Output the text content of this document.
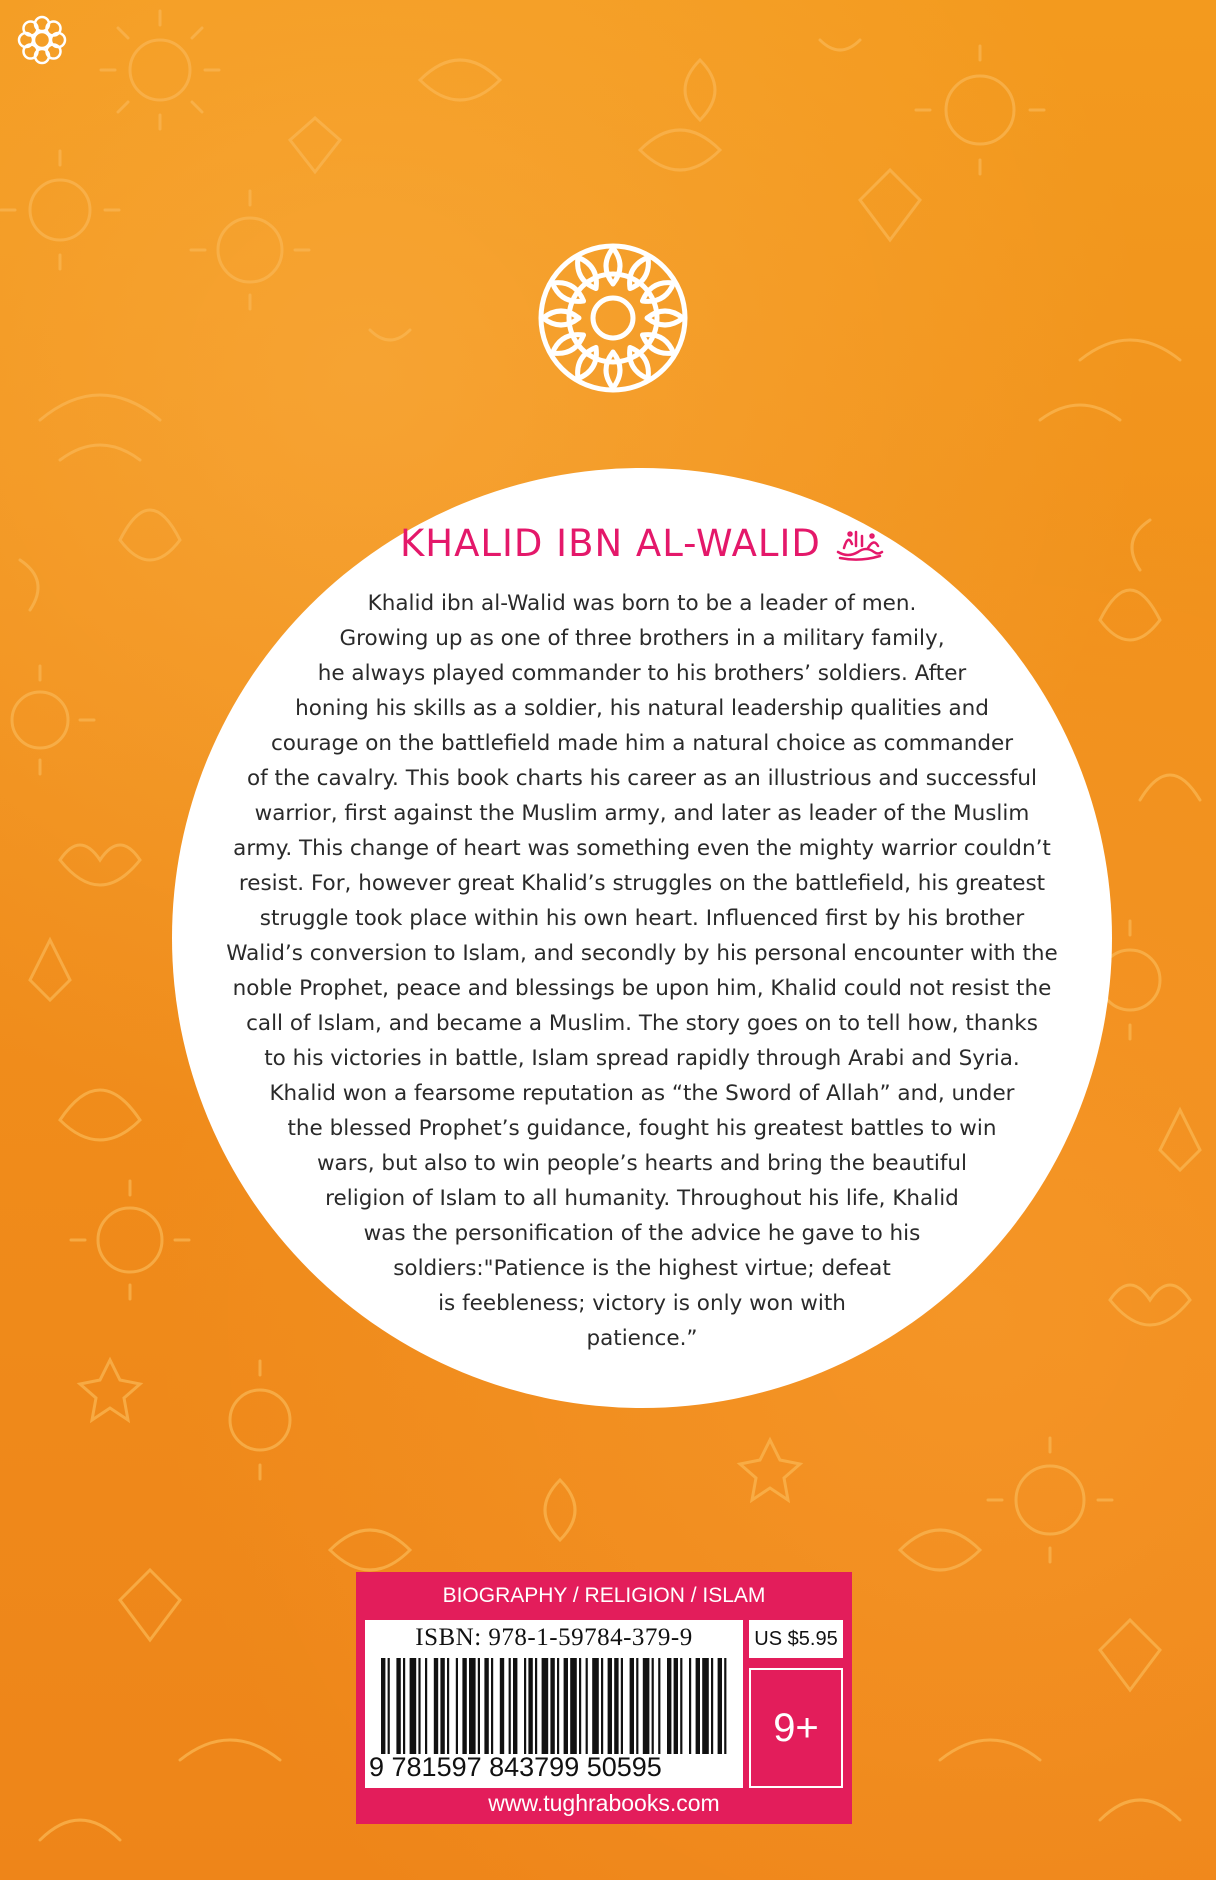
KHALID IBN AL-WALID
Khalid ibn al-Walid was born to be a leader of men.
Growing up as one of three brothers in a military family,
he always played commander to his brothers’ soldiers. After
honing his skills as a soldier, his natural leadership qualities and
courage on the battlefield made him a natural choice as commander
of the cavalry. This book charts his career as an illustrious and successful
warrior, first against the Muslim army, and later as leader of the Muslim
army. This change of heart was something even the mighty warrior couldn’t
resist. For, however great Khalid’s struggles on the battlefield, his greatest
struggle took place within his own heart. Influenced first by his brother
Walid’s conversion to Islam, and secondly by his personal encounter with the
noble Prophet, peace and blessings be upon him, Khalid could not resist the
call of Islam, and became a Muslim. The story goes on to tell how, thanks
to his victories in battle, Islam spread rapidly through Arabi and Syria.
Khalid won a fearsome reputation as “the Sword of Allah” and, under
the blessed Prophet’s guidance, fought his greatest battles to win
wars, but also to win people’s hearts and bring the beautiful
religion of Islam to all humanity. Throughout his life, Khalid
was the personification of the advice he gave to his
soldiers:"Patience is the highest virtue; defeat
is feebleness; victory is only won with
patience.”
BIOGRAPHY / RELIGION / ISLAM
ISBN: 978-1-59784-379-9
9 781597 843799 50595
US $5.95
9+
www.tughrabooks.com
